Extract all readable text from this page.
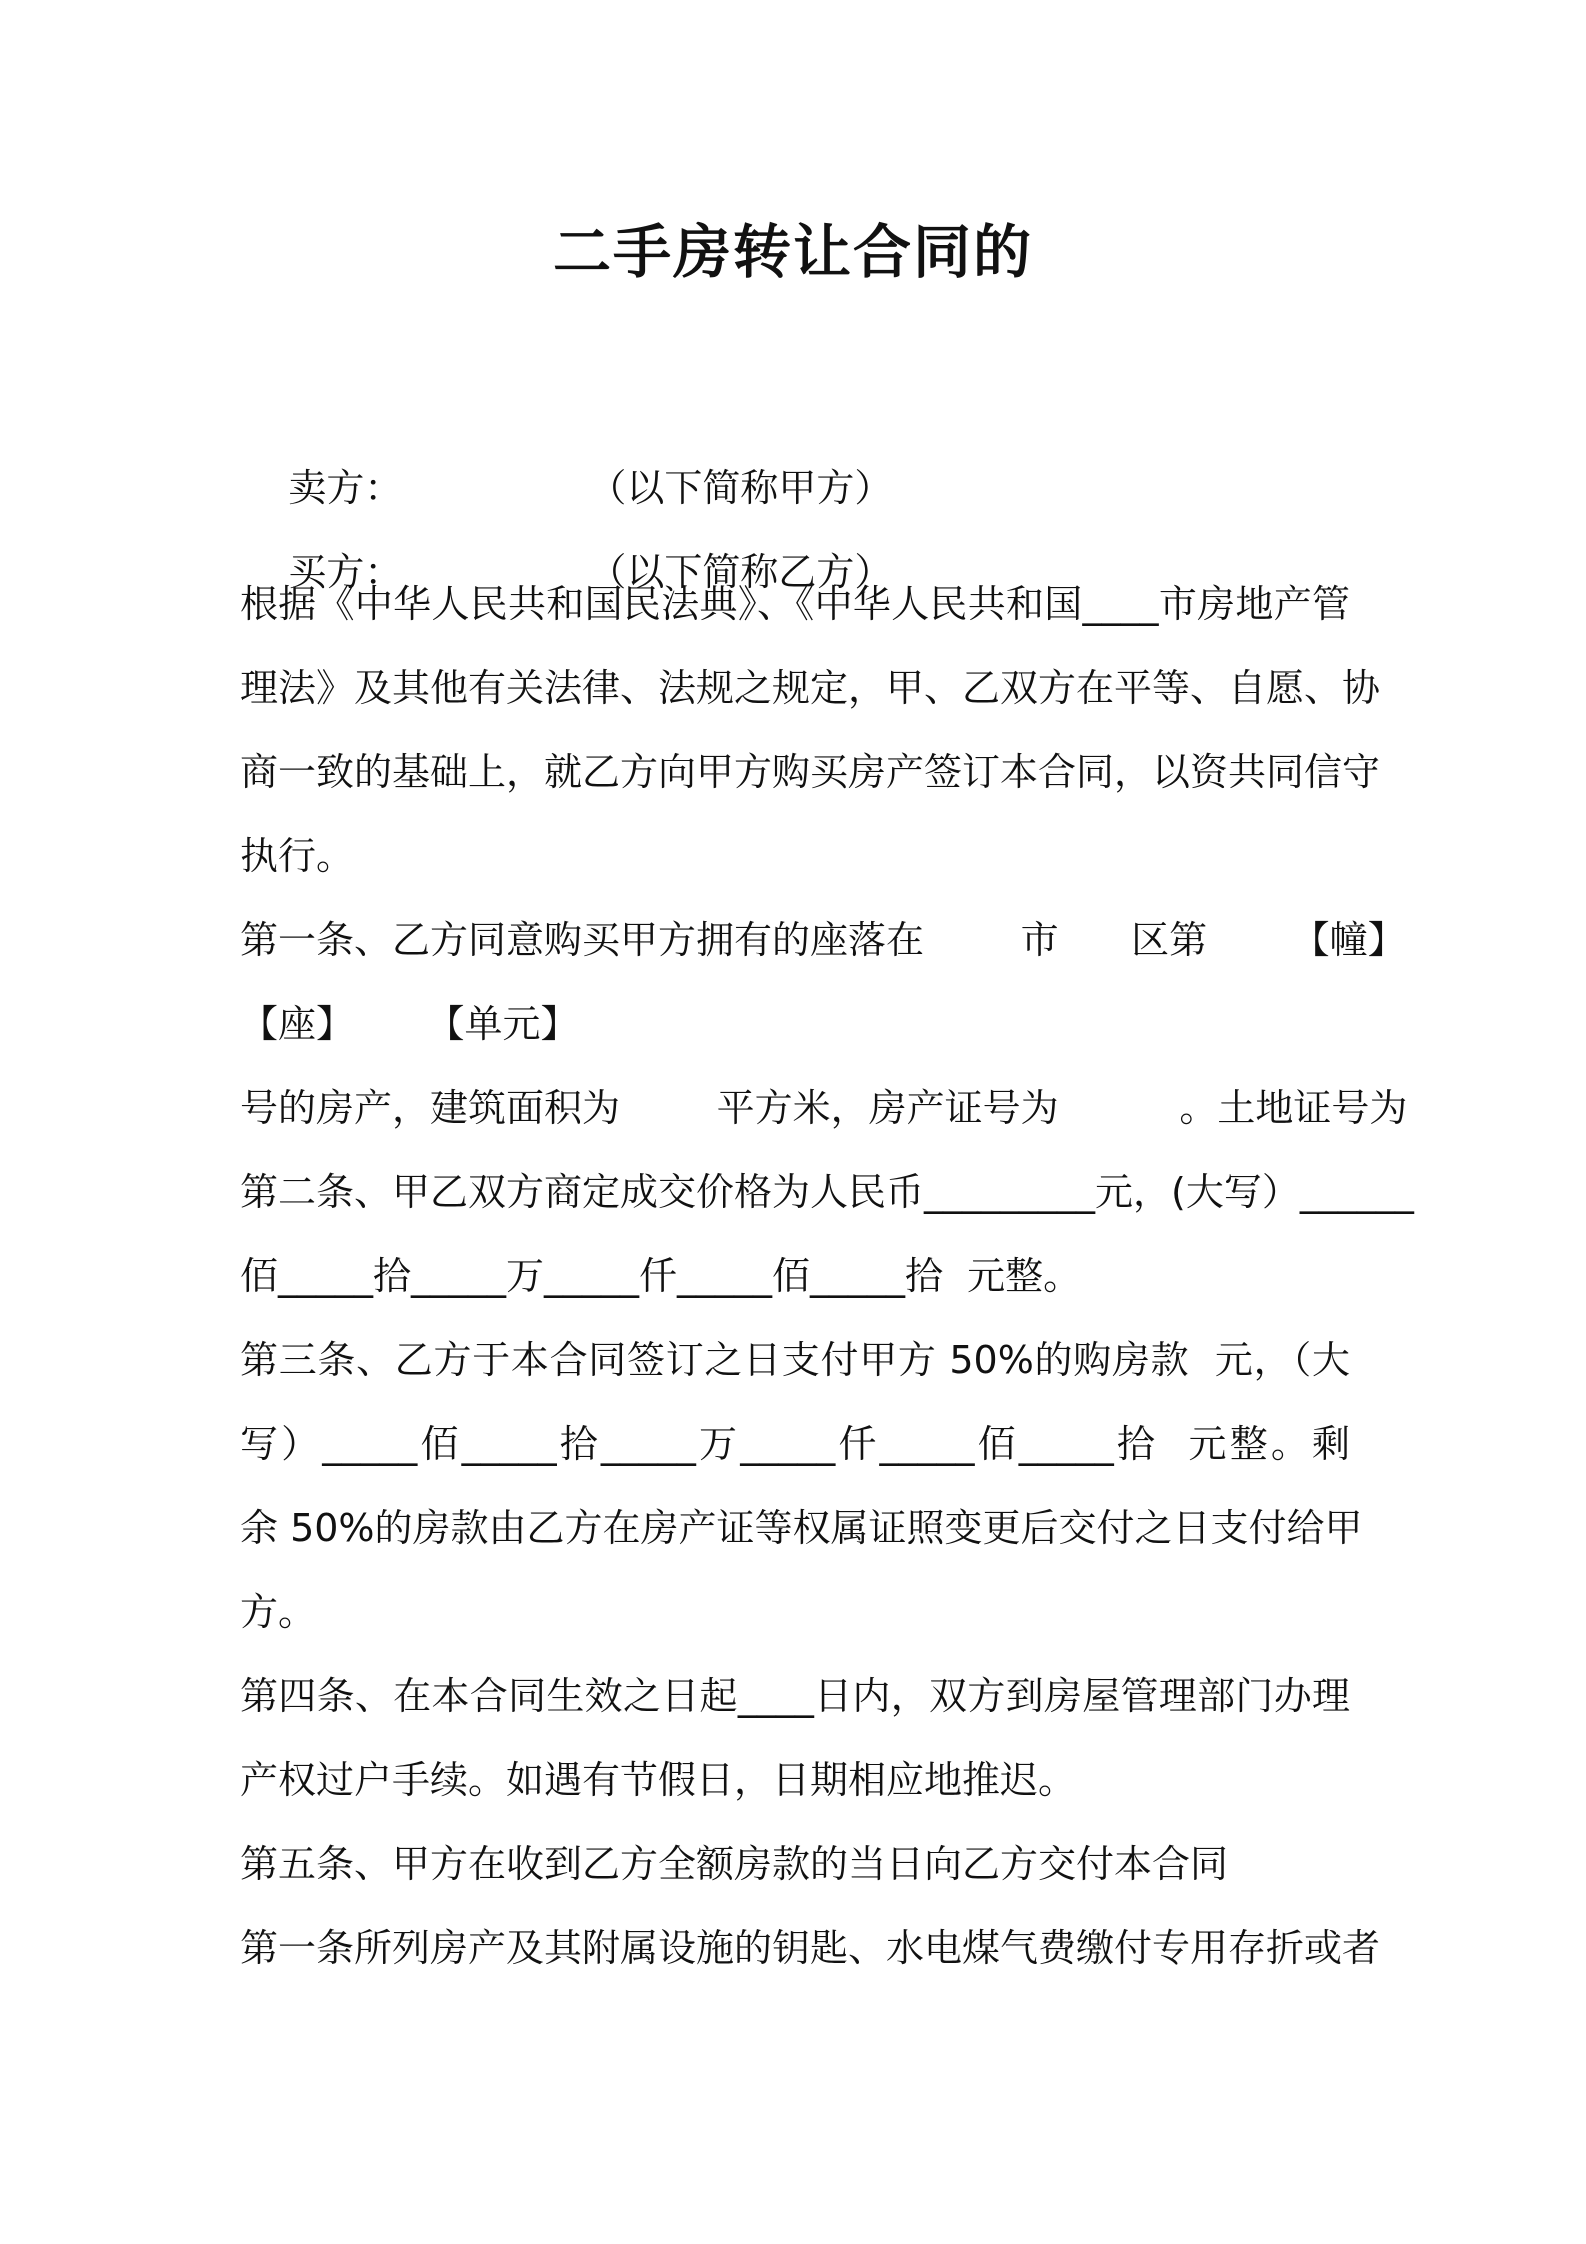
二手房转让合同的

卖方：	（以下简称甲方）

买方：	（以下简称乙方）

根据《中华人民共和国民法典》、《中华人民共和国____市房地产管
理法》及其他有关法律、法规之规定，甲、乙双方在平等、自愿、协
商一致的基础上，就乙方向甲方购买房产签订本合同，以资共同信守
执行。
第一条、乙方同意购买甲方拥有的座落在        市      区第       【幢】
【座】      【单元】
号的房产，建筑面积为        平方米，房产证号为          。土地证号为
第二条、甲乙双方商定成交价格为人民币_________元，(大写）______
佰_____拾_____万_____仟_____佰_____拾  元整。
第三条、乙方于本合同签订之日支付甲方 50%的购房款  元，（大
写）_____佰_____拾_____万_____仟_____佰_____拾  元整。剩
余 50%的房款由乙方在房产证等权属证照变更后交付之日支付给甲
方。
第四条、在本合同生效之日起____日内，双方到房屋管理部门办理
产权过户手续。如遇有节假日，日期相应地推迟。
第五条、甲方在收到乙方全额房款的当日向乙方交付本合同
第一条所列房产及其附属设施的钥匙、水电煤气费缴付专用存折或者
